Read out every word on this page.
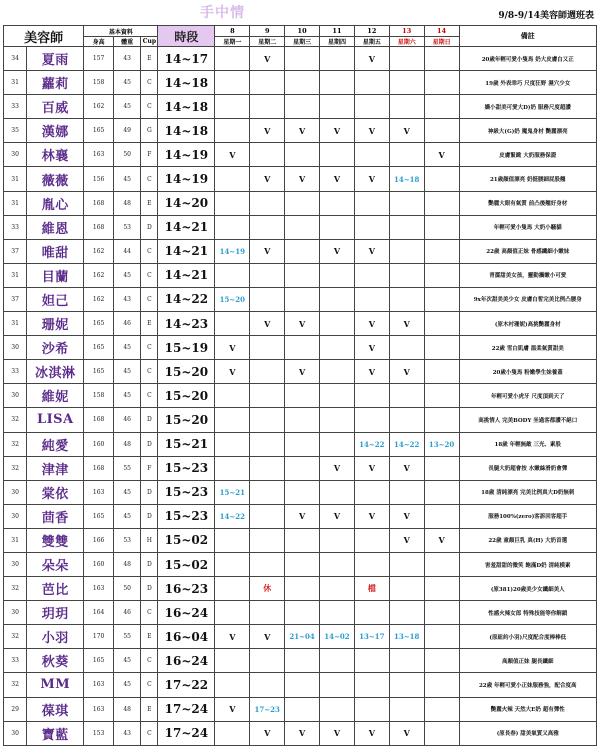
手中情	9/8-9/14美容師週班表
美容師		基本資料			時段	8	9	10	11	12	13	14	備註
		身高	體重	Cup		星期一	星期二	星期三	星期四	星期五	星期六	星期日	
34	夏雨	157	43	E	14~17		V			V			20歲年輕可愛小隻馬 奶大皮膚白又正
31	蘿莉	158	45	C	14~18								19歲 外表乖巧 尺度狂野 濕穴少女
33	百威	162	45	C	14~18								嬌小甜美可愛大D)奶 服務尺度超讚
35	漢娜	165	49	G	14~18		V	V	V	V	V		神級大(G)奶 魔鬼身材 艷麗漂亮
30	林襄	163	50	F	14~19	V						V	皮膚緊緻 大奶服務保證
31	薇薇	156	45	C	14~19		V	V	V	V	14~18		21歲顏值漂亮 奶挺腰細屁股翹
31	胤心	168	48	E	14~20								艷麗大眼有氣質 前凸後翹好身材
33	維恩	168	53	D	14~21								年輕可愛小隻馬 大奶小騷貓
37	唯甜	162	44	C	14~21	14~19	V		V	V			22歲 高顏值正妹 骨感纖細小嫩妹
31	目蘭	162	45	C	14~21								青澀甜美女孩，靈動攜嫩小可愛
37	妲己	162	43	C	14~22	15~20							9x年次甜美美少女 皮膚白皙完美比例凸腰身
31	珊妮	165	46	E	14~23		V	V		V	V		(原木村珊妮)高挑艷麗身材
30	沙希	165	45	C	15~19	V				V			22歲 雪白肌膚 溫柔氣質甜美
33	冰淇淋	165	45	C	15~20	V		V		V	V		20歲小隻馬 粉嫩學生妹養蓋
30	維妮	158	45	C	15~20								年輕可愛小虎牙 尺度頂到天了
32	LISA	168	46	D	15~20								高挑情人 完美BODY 坐過客都讚不絕口
32	純愛	160	48	D	15~21					14~22	14~22	13~20	18歲 年輕無敵 三光、素股
32	津津	168	55	F	15~23				V	V	V		長腿大奶超會按 水嫩絲滑奶會彈
30	棠依	163	45	D	15~23	15~21							18歲 清純漂亮 完美比例真大D奶無刺
30	茴香	165	45	D	15~23	14~22		V	V	V	V		服務100%(zero)客訴回客超手
31	雙雙	166	53	H	15~02						V	V	22歲 童顏巨乳 真(H) 大奶首選
30	朵朵	160	48	D	15~02								害羞甜甜的微笑 飽滿D奶 清純模素
32	芭比	163	50	D	16~23		休			檔			(原381)20歲美少女纖細美人
30	玥玥	164	46	C	16~24								性感火辣女郎 特殊技能等你解鎖
32	小羽	170	55	E	16~04	V	V	21~04	14~02	13~17	13~18		(原紐約小羽)尺度配合度棒棒低
33	秋葵	165	45	C	16~24								高顏值正妹 腿長纖細
32	MM	163	45	C	17~22								22歲 年輕可愛小正妹服務強，配合度高
29	葆琪	163	48	E	17~24	V	17~23						艷麗火辣 天然大E奶 超有彈性
30	寶藍	153	43	C	17~24		V	V	V	V	V		(原長春) 甜美氣質又高雅
